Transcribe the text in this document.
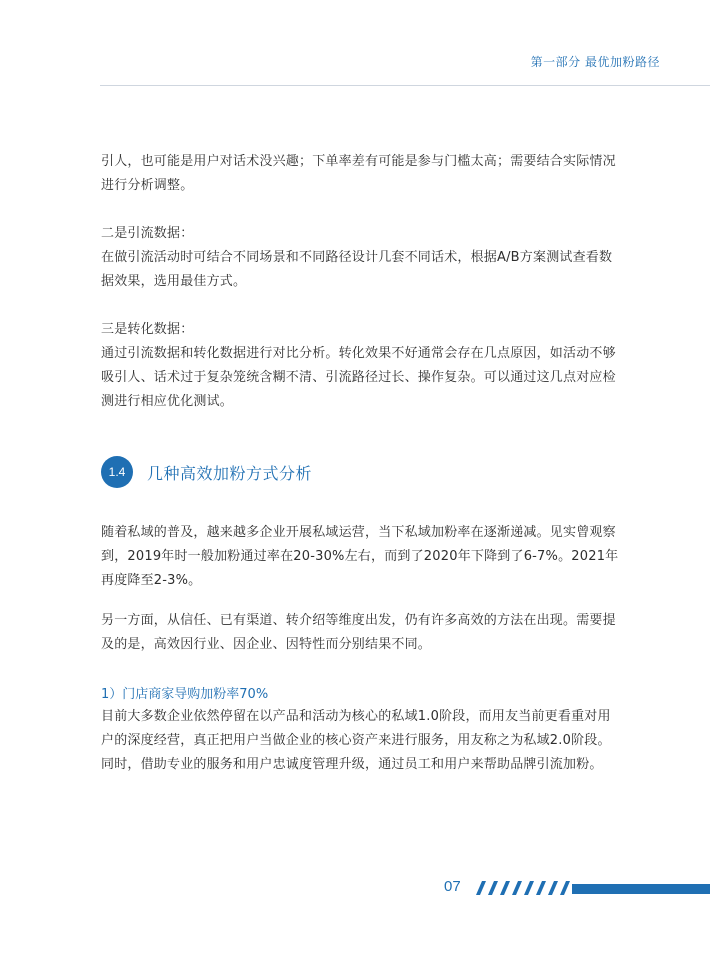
第一部分 最优加粉路径
引人，也可能是用户对话术没兴趣；下单率差有可能是参与门槛太高；需要结合实际情况进行分析调整。
二是引流数据：
在做引流活动时可结合不同场景和不同路径设计几套不同话术，根据A/B方案测试查看数据效果，选用最佳方式。
三是转化数据：
通过引流数据和转化数据进行对比分析。转化效果不好通常会存在几点原因，如活动不够吸引人、话术过于复杂笼统含糊不清、引流路径过长、操作复杂。可以通过这几点对应检测进行相应优化测试。
1.4	几种高效加粉方式分析
随着私域的普及，越来越多企业开展私域运营，当下私域加粉率在逐渐递减。见实曾观察到，2019年时一般加粉通过率在20-30%左右，而到了2020年下降到了6-7%。2021年再度降至2-3%。
另一方面，从信任、已有渠道、转介绍等维度出发，仍有许多高效的方法在出现。需要提及的是，高效因行业、因企业、因特性而分别结果不同。
1）门店商家导购加粉率70%
目前大多数企业依然停留在以产品和活动为核心的私域1.0阶段，而用友当前更看重对用户的深度经营，真正把用户当做企业的核心资产来进行服务，用友称之为私域2.0阶段。同时，借助专业的服务和用户忠诚度管理升级，通过员工和用户来帮助品牌引流加粉。
07
